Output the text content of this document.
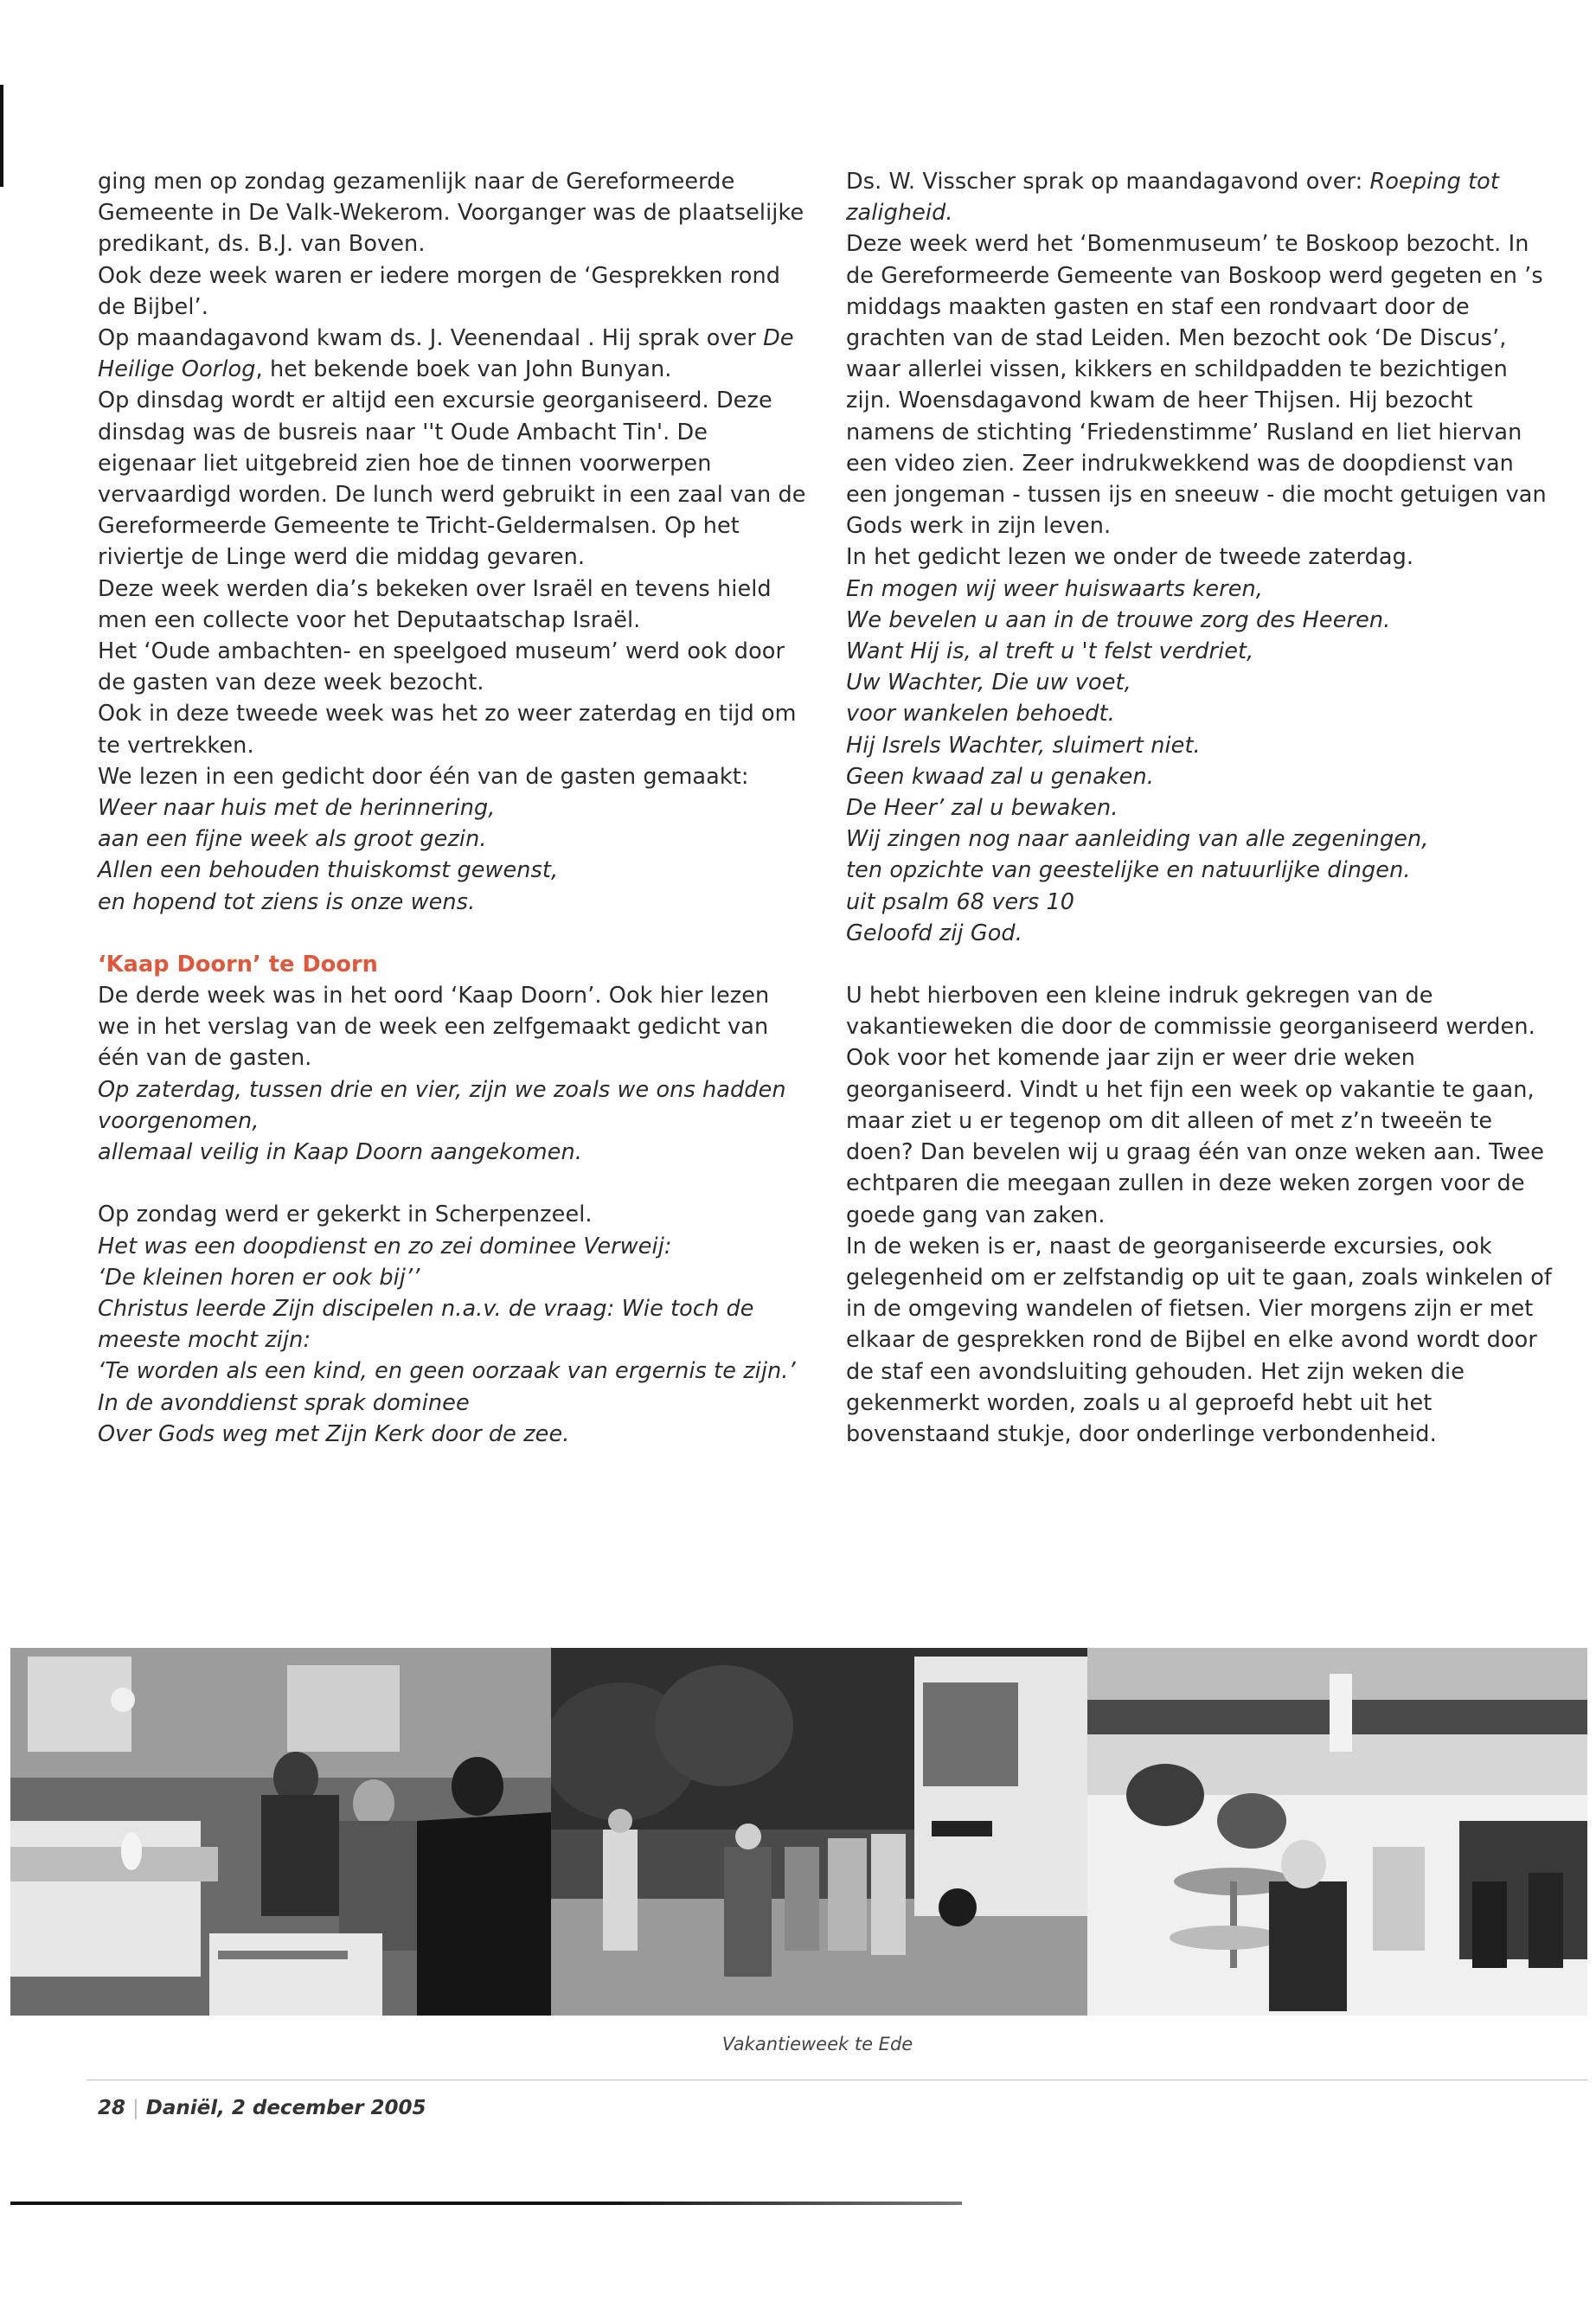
ging men op zondag gezamenlijk naar de Gereformeerde Gemeente in De Valk-Wekerom. Voorganger was de plaatselijke predikant, ds. B.J. van Boven.

Ook deze week waren er iedere morgen de ‘Gesprekken rond de Bijbel’.

Op maandagavond kwam ds. J. Veenendaal . Hij sprak over De Heilige Oorlog, het bekende boek van John Bunyan.

Op dinsdag wordt er altijd een excursie georganiseerd. Deze dinsdag was de busreis naar ''t Oude Ambacht Tin'. De eigenaar liet uitgebreid zien hoe de tinnen voorwerpen vervaardigd worden. De lunch werd gebruikt in een zaal van de Gereformeerde Gemeente te Tricht-Geldermalsen. Op het riviertje de Linge werd die middag gevaren.

Deze week werden dia’s bekeken over Israël en tevens hield men een collecte voor het Deputaatschap Israël.

Het ‘Oude ambachten- en speelgoed museum’ werd ook door de gasten van deze week bezocht.

Ook in deze tweede week was het zo weer zaterdag en tijd om te vertrekken.

We lezen in een gedicht door één van de gasten gemaakt:

Weer naar huis met de herinnering,

aan een fijne week als groot gezin.

Allen een behouden thuiskomst gewenst,

en hopend tot ziens is onze wens.

‘Kaap Doorn’ te Doorn

De derde week was in het oord ‘Kaap Doorn’. Ook hier lezen we in het verslag van de week een zelfgemaakt gedicht van één van de gasten.

Op zaterdag, tussen drie en vier, zijn we zoals we ons hadden voorgenomen,

allemaal veilig in Kaap Doorn aangekomen.

Op zondag werd er gekerkt in Scherpenzeel.

Het was een doopdienst en zo zei dominee Verweij:

‘De kleinen horen er ook bij’’

Christus leerde Zijn discipelen n.a.v. de vraag: Wie toch de meeste mocht zijn:

‘Te worden als een kind, en geen oorzaak van ergernis te zijn.’

In de avonddienst sprak dominee

Over Gods weg met Zijn Kerk door de zee.

Ds. W. Visscher sprak op maandagavond over: Roeping tot zaligheid.

Deze week werd het ‘Bomenmuseum’ te Boskoop bezocht. In de Gereformeerde Gemeente van Boskoop werd gegeten en ’s middags maakten gasten en staf een rondvaart door de grachten van de stad Leiden. Men bezocht ook ‘De Discus’, waar allerlei vissen, kikkers en schildpadden te bezichtigen zijn. Woensdagavond kwam de heer Thijsen. Hij bezocht namens de stichting ‘Friedenstimme’ Rusland en liet hiervan een video zien. Zeer indrukwekkend was de doopdienst van een jongeman - tussen ijs en sneeuw - die mocht getuigen van Gods werk in zijn leven.

In het gedicht lezen we onder de tweede zaterdag.

En mogen wij weer huiswaarts keren,

We bevelen u aan in de trouwe zorg des Heeren.

Want Hij is, al treft u 't felst verdriet,

Uw Wachter, Die uw voet,

voor wankelen behoedt.

Hij Isrels Wachter, sluimert niet.

Geen kwaad zal u genaken.

De Heer’ zal u bewaken.

Wij zingen nog naar aanleiding van alle zegeningen,

ten opzichte van geestelijke en natuurlijke dingen.

uit psalm 68 vers 10

Geloofd zij God.

U hebt hierboven een kleine indruk gekregen van de vakantieweken die door de commissie georganiseerd werden.

Ook voor het komende jaar zijn er weer drie weken georganiseerd. Vindt u het fijn een week op vakantie te gaan, maar ziet u er tegenop om dit alleen of met z’n tweeën te doen? Dan bevelen wij u graag één van onze weken aan. Twee echtparen die meegaan zullen in deze weken zorgen voor de goede gang van zaken.

In de weken is er, naast de georganiseerde excursies, ook gelegenheid om er zelfstandig op uit te gaan, zoals winkelen of in de omgeving wandelen of fietsen. Vier morgens zijn er met elkaar de gesprekken rond de Bijbel en elke avond wordt door de staf een avondsluiting gehouden. Het zijn weken die gekenmerkt worden, zoals u al geproefd hebt uit het bovenstaand stukje, door onderlinge verbondenheid.

Vakantieweek te Ede
28 | Daniël, 2 december 2005
